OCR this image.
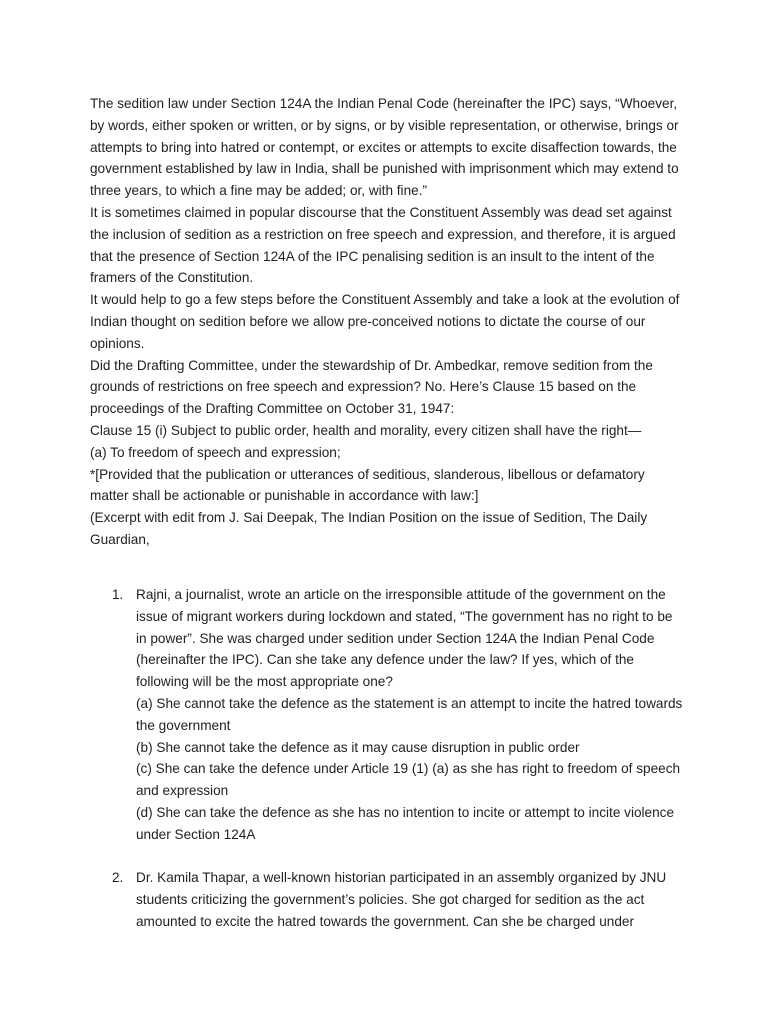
The sedition law under Section 124A the Indian Penal Code (hereinafter the IPC) says, “Whoever, by words, either spoken or written, or by signs, or by visible representation, or otherwise, brings or attempts to bring into hatred or contempt, or excites or attempts to excite disaffection towards, the government established by law in India, shall be punished with imprisonment which may extend to three years, to which a fine may be added; or, with fine.”

It is sometimes claimed in popular discourse that the Constituent Assembly was dead set against the inclusion of sedition as a restriction on free speech and expression, and therefore, it is argued that the presence of Section 124A of the IPC penalising sedition is an insult to the intent of the framers of the Constitution.

It would help to go a few steps before the Constituent Assembly and take a look at the evolution of Indian thought on sedition before we allow pre-conceived notions to dictate the course of our opinions.

Did the Drafting Committee, under the stewardship of Dr. Ambedkar, remove sedition from the grounds of restrictions on free speech and expression? No. Here’s Clause 15 based on the proceedings of the Drafting Committee on October 31, 1947:

Clause 15 (i) Subject to public order, health and morality, every citizen shall have the right—

(a) To freedom of speech and expression;

*[Provided that the publication or utterances of seditious, slanderous, libellous or defamatory matter shall be actionable or punishable in accordance with law:]

(Excerpt with edit from J. Sai Deepak, The Indian Position on the issue of Sedition, The Daily Guardian,

1. Rajni, a journalist, wrote an article on the irresponsible attitude of the government on the issue of migrant workers during lockdown and stated, “The government has no right to be in power”. She was charged under sedition under Section 124A the Indian Penal Code (hereinafter the IPC). Can she take any defence under the law? If yes, which of the following will be the most appropriate one?
(a) She cannot take the defence as the statement is an attempt to incite the hatred towards the government
(b) She cannot take the defence as it may cause disruption in public order
(c) She can take the defence under Article 19 (1) (a) as she has right to freedom of speech and expression
(d) She can take the defence as she has no intention to incite or attempt to incite violence under Section 124A
2. Dr. Kamila Thapar, a well-known historian participated in an assembly organized by JNU students criticizing the government’s policies. She got charged for sedition as the act amounted to excite the hatred towards the government. Can she be charged under
